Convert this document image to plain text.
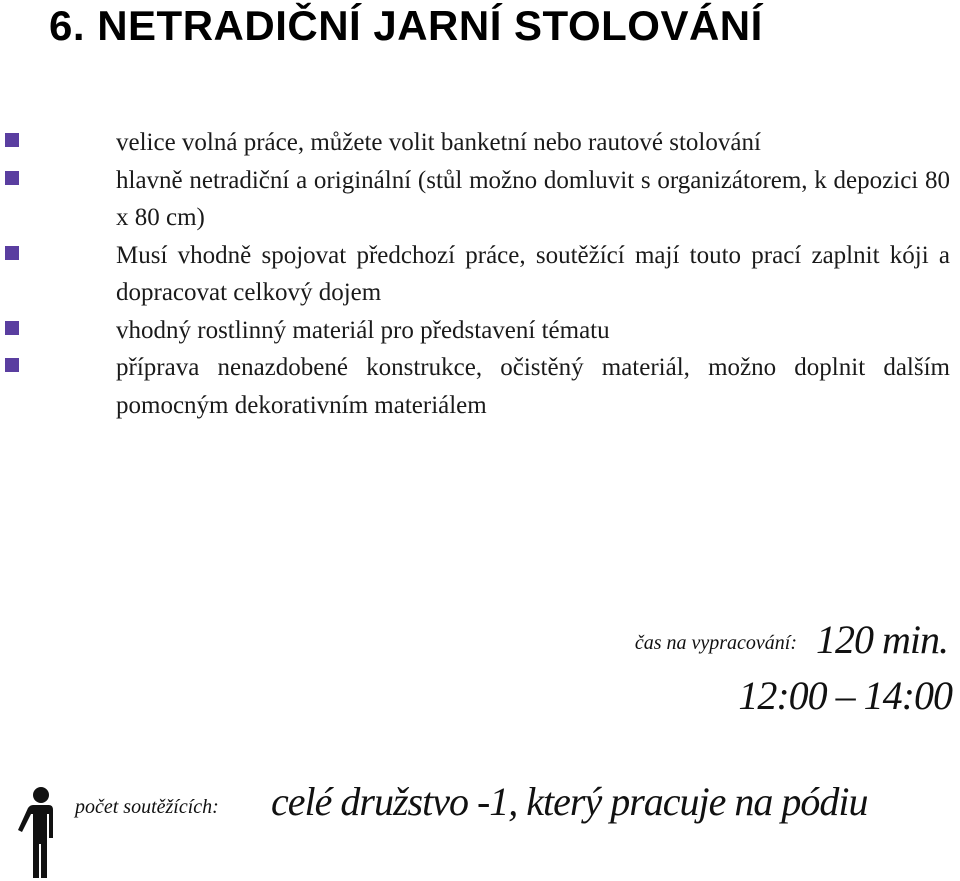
6. NETRADIČNÍ JARNÍ STOLOVÁNÍ
velice volná práce, můžete volit banketní nebo rautové stolování
hlavně netradiční a originální (stůl možno domluvit s organizátorem, k depozici 80 x 80 cm)
Musí vhodně spojovat předchozí práce, soutěžící mají touto prací zaplnit kóji a dopracovat celkový dojem
vhodný rostlinný materiál pro představení tématu
příprava nenazdobené konstrukce, očistěný materiál, možno doplnit dalším pomocným dekorativním materiálem
čas na vypracování: 120 min.
12:00 – 14:00
počet soutěžících: celé družstvo -1, který pracuje na pódiu
